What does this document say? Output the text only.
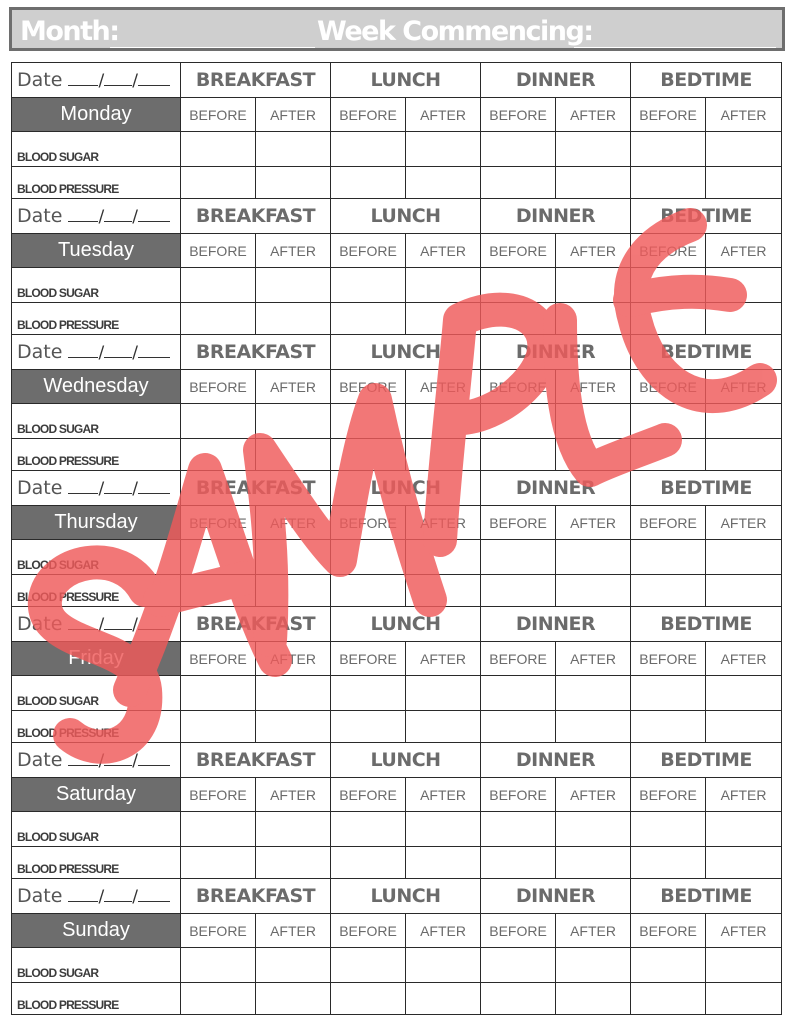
Month:	Week Commencing:
Date / /	BREAKFAST		LUNCH		DINNER		BEDTIME	
Monday	BEFORE	AFTER	BEFORE	AFTER	BEFORE	AFTER	BEFORE	AFTER
BLOOD SUGAR								
BLOOD PRESSURE								
Date / /	BREAKFAST		LUNCH		DINNER		BEDTIME	
Tuesday	BEFORE	AFTER	BEFORE	AFTER	BEFORE	AFTER	BEFORE	AFTER
BLOOD SUGAR								
BLOOD PRESSURE								
Date / /	BREAKFAST		LUNCH		DINNER		BEDTIME	
Wednesday	BEFORE	AFTER	BEFORE	AFTER	BEFORE	AFTER	BEFORE	AFTER
BLOOD SUGAR								
BLOOD PRESSURE								
Date / /	BREAKFAST		LUNCH		DINNER		BEDTIME	
Thursday	BEFORE	AFTER	BEFORE	AFTER	BEFORE	AFTER	BEFORE	AFTER
BLOOD SUGAR								
BLOOD PRESSURE								
Date / /	BREAKFAST		LUNCH		DINNER		BEDTIME	
Friday	BEFORE	AFTER	BEFORE	AFTER	BEFORE	AFTER	BEFORE	AFTER
BLOOD SUGAR								
BLOOD PRESSURE								
Date / /	BREAKFAST		LUNCH		DINNER		BEDTIME	
Saturday	BEFORE	AFTER	BEFORE	AFTER	BEFORE	AFTER	BEFORE	AFTER
BLOOD SUGAR								
BLOOD PRESSURE								
Date / /	BREAKFAST		LUNCH		DINNER		BEDTIME	
Sunday	BEFORE	AFTER	BEFORE	AFTER	BEFORE	AFTER	BEFORE	AFTER
BLOOD SUGAR								
BLOOD PRESSURE								
